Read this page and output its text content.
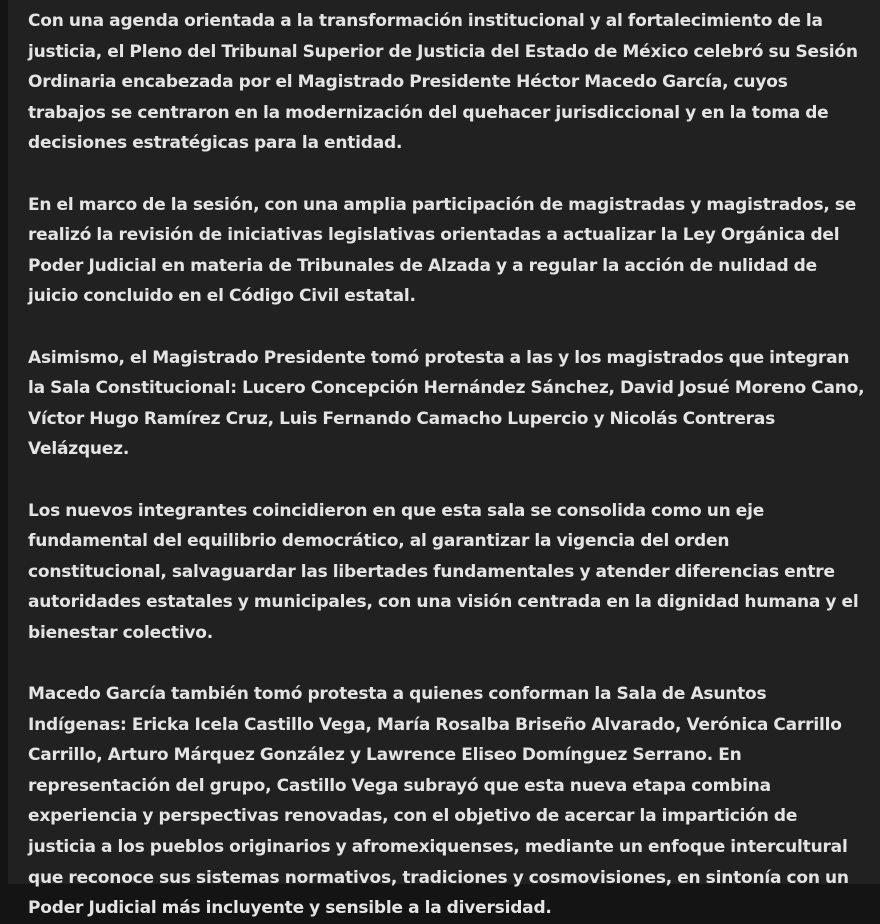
Con una agenda orientada a la transformación institucional y al fortalecimiento de la justicia, el Pleno del Tribunal Superior de Justicia del Estado de México celebró su Sesión Ordinaria encabezada por el Magistrado Presidente Héctor Macedo García, cuyos trabajos se centraron en la modernización del quehacer jurisdiccional y en la toma de decisiones estratégicas para la entidad.

En el marco de la sesión, con una amplia participación de magistradas y magistrados, se realizó la revisión de iniciativas legislativas orientadas a actualizar la Ley Orgánica del Poder Judicial en materia de Tribunales de Alzada y a regular la acción de nulidad de juicio concluido en el Código Civil estatal.

Asimismo, el Magistrado Presidente tomó protesta a las y los magistrados que integran la Sala Constitucional: Lucero Concepción Hernández Sánchez, David Josué Moreno Cano, Víctor Hugo Ramírez Cruz, Luis Fernando Camacho Lupercio y Nicolás Contreras Velázquez.

Los nuevos integrantes coincidieron en que esta sala se consolida como un eje fundamental del equilibrio democrático, al garantizar la vigencia del orden constitucional, salvaguardar las libertades fundamentales y atender diferencias entre autoridades estatales y municipales, con una visión centrada en la dignidad humana y el bienestar colectivo.

Macedo García también tomó protesta a quienes conforman la Sala de Asuntos Indígenas: Ericka Icela Castillo Vega, María Rosalba Briseño Alvarado, Verónica Carrillo Carrillo, Arturo Márquez González y Lawrence Eliseo Domínguez Serrano. En representación del grupo, Castillo Vega subrayó que esta nueva etapa combina experiencia y perspectivas renovadas, con el objetivo de acercar la impartición de justicia a los pueblos originarios y afromexiquenses, mediante un enfoque intercultural que reconoce sus sistemas normativos, tradiciones y cosmovisiones, en sintonía con un Poder Judicial más incluyente y sensible a la diversidad.
